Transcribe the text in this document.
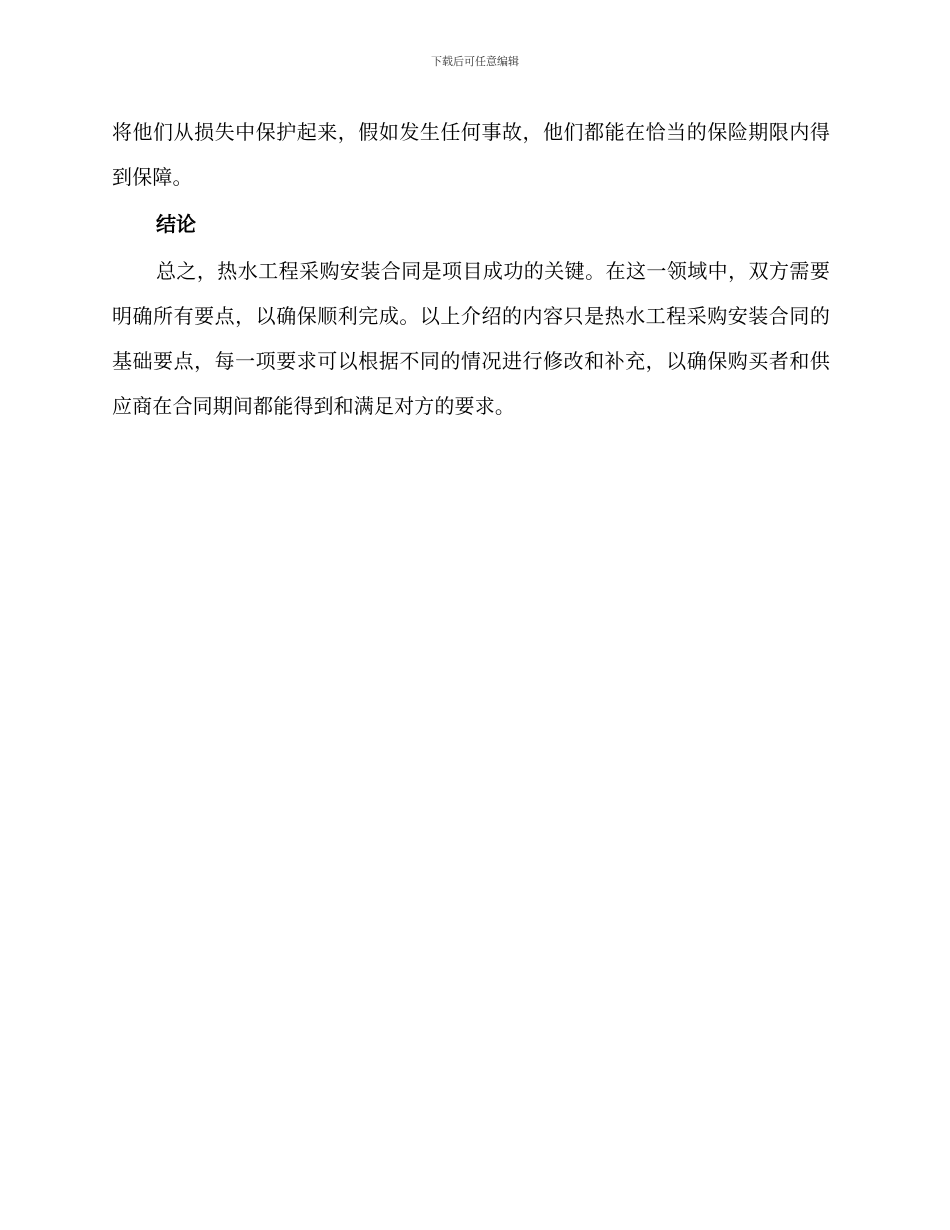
下载后可任意编辑

将他们从损失中保护起来，假如发生任何事故，他们都能在恰当的保险期限内得到保障。

结论

总之，热水工程采购安装合同是项目成功的关键。在这一领域中，双方需要明确所有要点，以确保顺利完成。以上介绍的内容只是热水工程采购安装合同的基础要点，每一项要求可以根据不同的情况进行修改和补充，以确保购买者和供应商在合同期间都能得到和满足对方的要求。
